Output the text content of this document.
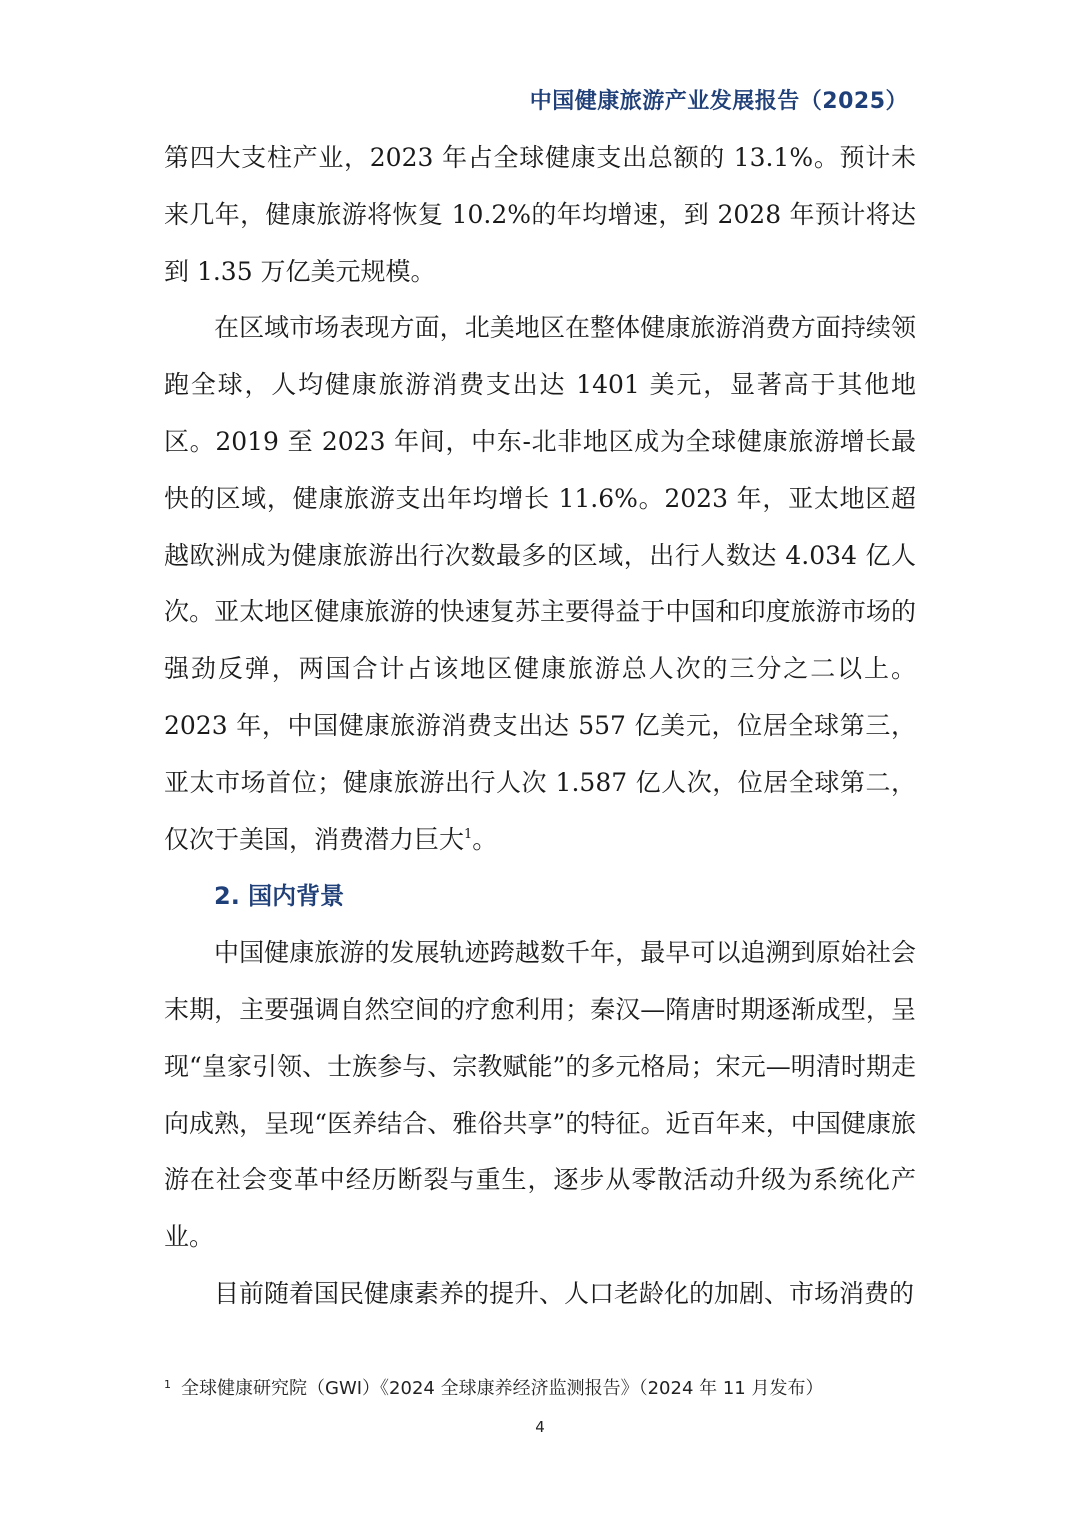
中国健康旅游产业发展报告（2025）

第四大支柱产业，2023 年占全球健康支出总额的 13.1%。预计未来几年，健康旅游将恢复 10.2%的年均增速，到 2028 年预计将达到 1.35 万亿美元规模。

在区域市场表现方面，北美地区在整体健康旅游消费方面持续领跑全球，人均健康旅游消费支出达 1401 美元，显著高于其他地区。2019 至 2023 年间，中东-北非地区成为全球健康旅游增长最快的区域，健康旅游支出年均增长 11.6%。2023 年，亚太地区超越欧洲成为健康旅游出行次数最多的区域，出行人数达 4.034 亿人次。亚太地区健康旅游的快速复苏主要得益于中国和印度旅游市场的强劲反弹，两国合计占该地区健康旅游总人次的三分之二以上。2023 年，中国健康旅游消费支出达 557 亿美元，位居全球第三，亚太市场首位；健康旅游出行人次 1.587 亿人次，位居全球第二，仅次于美国，消费潜力巨大$^1$。

2. 国内背景

中国健康旅游的发展轨迹跨越数千年，最早可以追溯到原始社会末期，主要强调自然空间的疗愈利用；秦汉—隋唐时期逐渐成型，呈现“皇家引领、士族参与、宗教赋能”的多元格局；宋元—明清时期走向成熟，呈现“医养结合、雅俗共享”的特征。近百年来，中国健康旅游在社会变革中经历断裂与重生，逐步从零散活动升级为系统化产业。

目前随着国民健康素养的提升、人口老龄化的加剧、市场消费的

$^1$ 全球健康研究院（GWI）《2024 全球康养经济监测报告》（2024 年 11 月发布）
4
